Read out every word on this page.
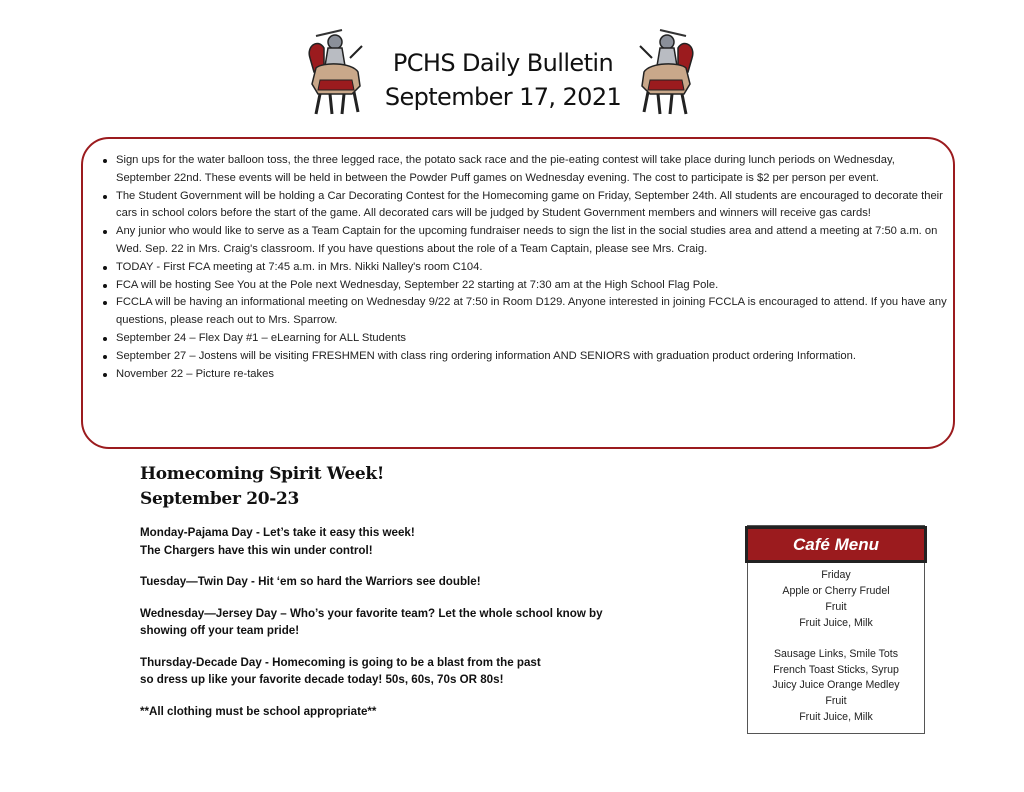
PCHS Daily Bulletin
September 17, 2021
Sign ups for the water balloon toss, the three legged race, the potato sack race and the pie-eating contest will take place during lunch periods on Wednesday, September 22nd. These events will be held in between the Powder Puff games on Wednesday evening. The cost to participate is $2 per person per event.
The Student Government will be holding a Car Decorating Contest for the Homecoming game on Friday, September 24th. All students are encouraged to decorate their cars in school colors before the start of the game. All decorated cars will be judged by Student Government members and winners will receive gas cards!
Any junior who would like to serve as a Team Captain for the upcoming fundraiser needs to sign the list in the social studies area and attend a meeting at 7:50 a.m. on Wed. Sep. 22 in Mrs. Craig's classroom. If you have questions about the role of a Team Captain, please see Mrs. Craig.
TODAY - First FCA meeting at 7:45 a.m. in Mrs. Nikki Nalley's room C104.
FCA will be hosting See You at the Pole next Wednesday, September 22 starting at 7:30 am at the High School Flag Pole.
FCCLA will be having an informational meeting on Wednesday 9/22 at 7:50 in Room D129. Anyone interested in joining FCCLA is encouraged to attend. If you have any questions, please reach out to Mrs. Sparrow.
September 24 – Flex Day #1 – eLearning for ALL Students
September 27 – Jostens will be visiting FRESHMEN with class ring ordering information AND SENIORS with graduation product ordering Information.
November 22 – Picture re-takes
Homecoming Spirit Week!
September 20-23

Monday-Pajama Day - Let’s take it easy this week!
The Chargers have this win under control!

Tuesday—Twin Day - Hit ‘em so hard the Warriors see double!

Wednesday—Jersey Day – Who’s your favorite team? Let the whole school know by
showing off your team pride!

Thursday-Decade Day - Homecoming is going to be a blast from the past
so dress up like your favorite decade today! 50s, 60s, 70s OR 80s!

**All clothing must be school appropriate**

Café Menu
Friday
Apple or Cherry Frudel
Fruit
Fruit Juice, Milk
Sausage Links, Smile Tots
French Toast Sticks, Syrup
Juicy Juice Orange Medley
Fruit
Fruit Juice, Milk
